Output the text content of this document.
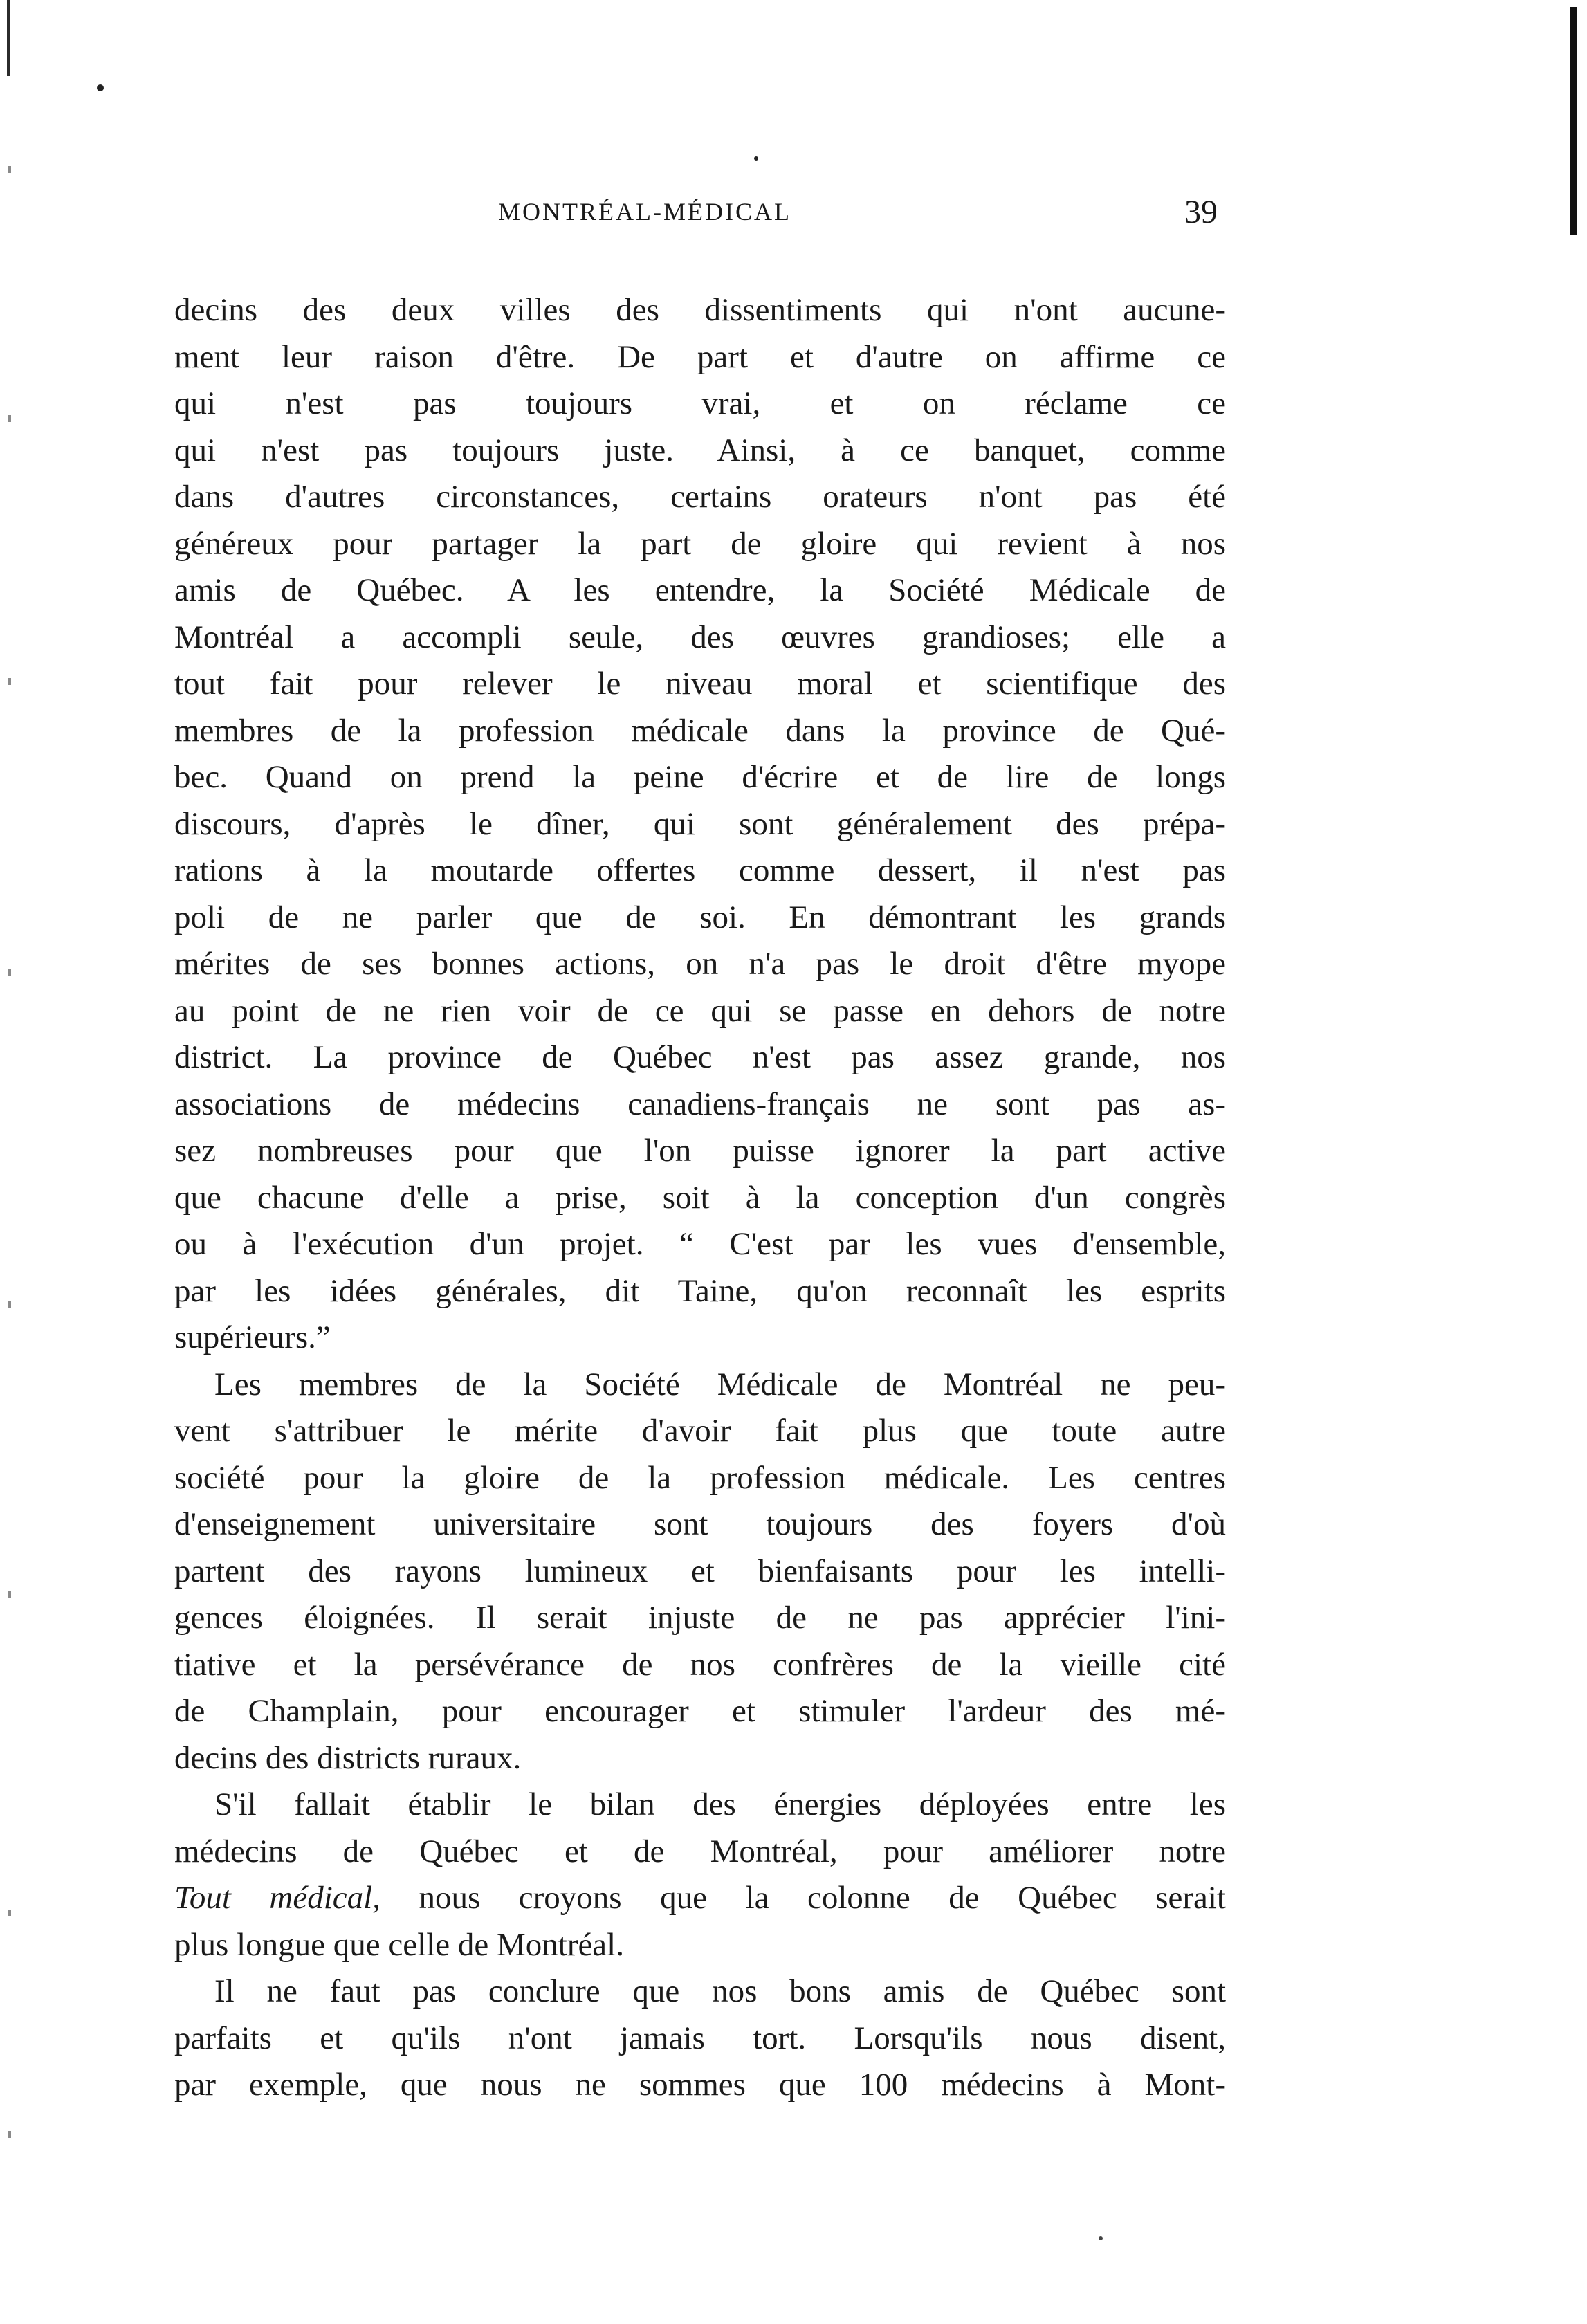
MONTRÉAL-MÉDICAL	39
decins des deux villes des dissentiments qui n'ont aucune-
ment leur raison d'être. De part et d'autre on affirme ce
qui n'est pas toujours vrai, et on réclame ce
qui n'est pas toujours juste. Ainsi, à ce banquet, comme
dans d'autres circonstances, certains orateurs n'ont pas été
généreux pour partager la part de gloire qui revient à nos
amis de Québec. A les entendre, la Société Médicale de
Montréal a accompli seule, des œuvres grandioses; elle a
tout fait pour relever le niveau moral et scientifique des
membres de la profession médicale dans la province de Qué-
bec. Quand on prend la peine d'écrire et de lire de longs
discours, d'après le dîner, qui sont généralement des prépa-
rations à la moutarde offertes comme dessert, il n'est pas
poli de ne parler que de soi. En démontrant les grands
mérites de ses bonnes actions, on n'a pas le droit d'être myope
au point de ne rien voir de ce qui se passe en dehors de notre
district. La province de Québec n'est pas assez grande, nos
associations de médecins canadiens-français ne sont pas as-
sez nombreuses pour que l'on puisse ignorer la part active
que chacune d'elle a prise, soit à la conception d'un congrès
ou à l'exécution d'un projet. “ C'est par les vues d'ensemble,
par les idées générales, dit Taine, qu'on reconnaît les esprits
supérieurs.”
Les membres de la Société Médicale de Montréal ne peu-
vent s'attribuer le mérite d'avoir fait plus que toute autre
société pour la gloire de la profession médicale. Les centres
d'enseignement universitaire sont toujours des foyers d'où
partent des rayons lumineux et bienfaisants pour les intelli-
gences éloignées. Il serait injuste de ne pas apprécier l'ini-
tiative et la persévérance de nos confrères de la vieille cité
de Champlain, pour encourager et stimuler l'ardeur des mé-
decins des districts ruraux.
S'il fallait établir le bilan des énergies déployées entre les
médecins de Québec et de Montréal, pour améliorer notre
Tout médical, nous croyons que la colonne de Québec serait
plus longue que celle de Montréal.
Il ne faut pas conclure que nos bons amis de Québec sont
parfaits et qu'ils n'ont jamais tort. Lorsqu'ils nous disent,
par exemple, que nous ne sommes que 100 médecins à Mont-
